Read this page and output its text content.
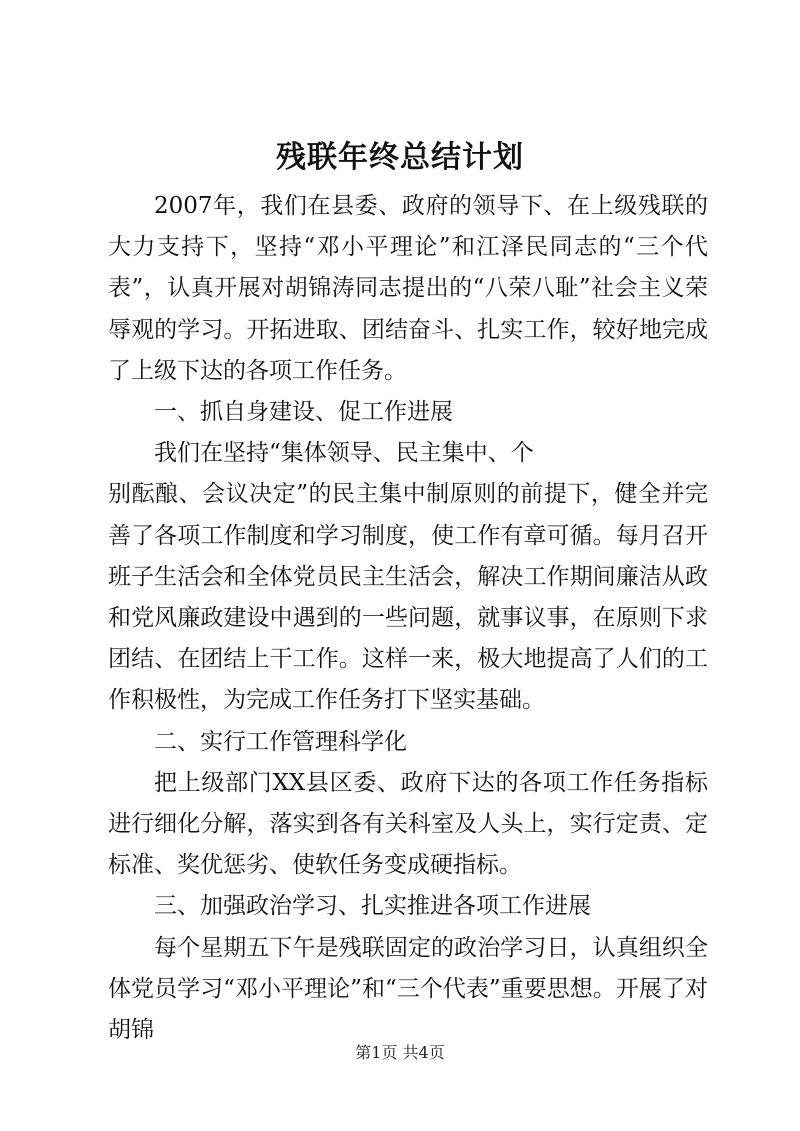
残联年终总结计划

2007年，我们在县委、政府的领导下、在上级残联的大力支持下，坚持“邓小平理论”和江泽民同志的“三个代表”，认真开展对胡锦涛同志提出的“八荣八耻”社会主义荣辱观的学习。开拓进取、团结奋斗、扎实工作，较好地完成了上级下达的各项工作任务。

一、抓自身建设、促工作进展

我们在坚持“集体领导、民主集中、个

别酝酿、会议决定”的民主集中制原则的前提下，健全并完善了各项工作制度和学习制度，使工作有章可循。每月召开班子生活会和全体党员民主生活会，解决工作期间廉洁从政和党风廉政建设中遇到的一些问题，就事议事，在原则下求团结、在团结上干工作。这样一来，极大地提高了人们的工作积极性，为完成工作任务打下坚实基础。

二、实行工作管理科学化

把上级部门XX县区委、政府下达的各项工作任务指标进行细化分解，落实到各有关科室及人头上，实行定责、定标准、奖优惩劣、使软任务变成硬指标。

三、加强政治学习、扎实推进各项工作进展

每个星期五下午是残联固定的政治学习日，认真组织全体党员学习“邓小平理论”和“三个代表”重要思想。开展了对胡锦

第1页 共4页
